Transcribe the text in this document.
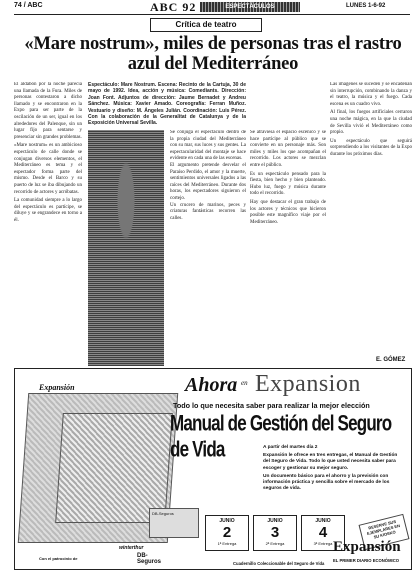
74 / ABC	ABC 92	ESPECTÁCULOS	LUNES 1-6-92
Crítica de teatro
«Mare nostrum», miles de personas tras el rastro azul del Mediterráneo

El aldabón por la noche parecía una llamada de la Fura. Miles de personas contestaron a dicho llamado y se encontraron en la Expo para ser parte de la oscilación de un ser, igual en los alrededores del Palenque, sin un lugar fijo para sentarse y presenciar sin grandes problemas.

«Mare nostrum» es un ambicioso espectáculo de calle donde se conjugan diversos elementos, el Mediterráneo es tema y el espectador forma parte del mismo. Desde el Barco y su puerto de luz se iba dibujando un recorrido de actores y acróbatas.

La comunidad siempre a lo largo del espectáculo es partícipe, se diluye y se engrandece en torno a él.

Espectáculo: Mare Nostrum. Escena: Recinto de la Cartuja, 30 de mayo de 1992. Idea, acción y música: Comediants. Dirección: Joan Font. Adjuntos de dirección: Jaume Bernadet y Andreu Sánchez. Música: Xavier Amado. Coreografía: Ferran Muñoz. Vestuario y diseño: M. Ángeles Julián. Coordinación: Luis Pérez. Con la colaboración de la Generalitat de Catalunya y de la Exposición Universal Sevilla.

Se conjuga el espectáculo dentro de la propia ciudad del Mediterráneo con su mar, sus luces y sus gentes. La espectacularidad del montaje se hace evidente en cada una de las escenas.

El argumento pretende desvelar el Paraíso Perdido, el amor y la muerte, sentimientos universales ligados a las raíces del Mediterráneo. Durante dos horas, los espectadores siguieron el cortejo.

Un crucero de marinos, peces y criaturas fantásticas recorren las calles.

Se atraviesa el espacio escénico y se hace partícipe al público que se convierte en un personaje más. Son miles y miles los que acompañan el recorrido. Los actores se mezclan entre el público.

Es un espectáculo pensado para la fiesta, bien hecho y bien planteado. Hubo luz, fuego y música durante todo el recorrido.

Hay que destacar el gran trabajo de los actores y técnicos que hicieron posible este magnífico viaje por el Mediterráneo.

Las imágenes se suceden y se encadenan sin interrupción, combinando la danza y el teatro, la música y el fuego. Cada escena es un cuadro vivo.

Al final, los fuegos artificiales cerraron una noche mágica, en la que la ciudad de Sevilla vivió el Mediterráneo como propio.

Un espectáculo que seguirá sorprendiendo a los visitantes de la Expo durante los próximos días.

E. GÓMEZ
Expansión
DB-Seguros
winterthur
Con el patrocinio de	DB-Seguros
Ahora en Expansion
Todo lo que necesita saber para realizar la mejor elección
Manual de Gestión del Seguro de Vida	A partir del martes día 2

Expansión le ofrece en tres entregas, el Manual de Gestión del Seguro de Vida. Todo lo que usted necesita saber para escoger y gestionar su mejor seguro.

Un documento básico para el ahorro y la previsión con información práctica y sencilla sobre el mercado de los seguros de vida.

JUNIO
2
1ª Entrega
JUNIO
3
2ª Entrega
JUNIO
4
3ª Entrega
RESERVE SUS EJEMPLARES EN SU KIOSKO
Cuadernillo Coleccionable del Seguro de Vida
Expansión
EL PRIMER DIARIO ECONÓMICO
